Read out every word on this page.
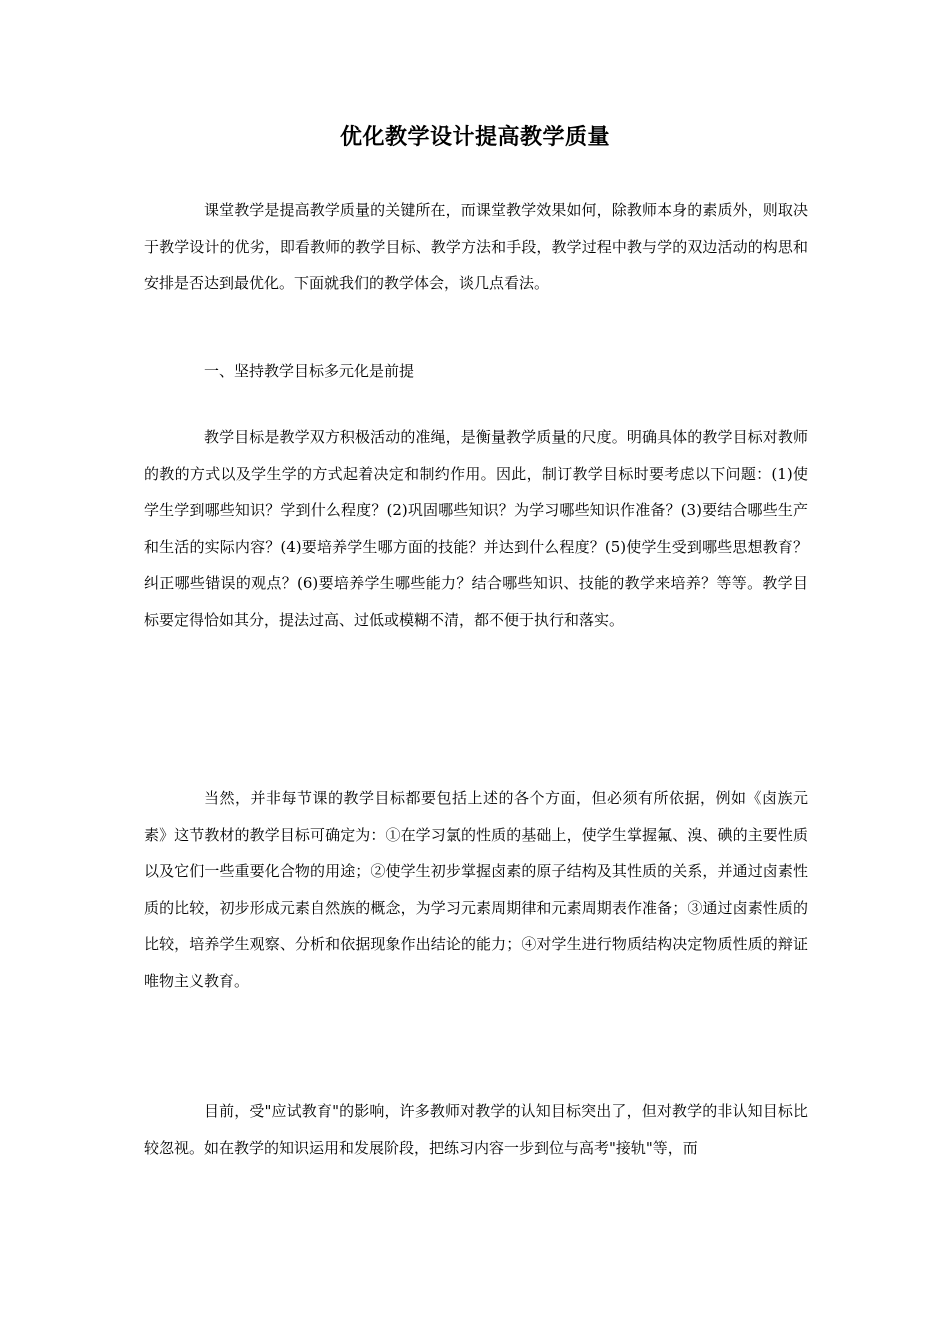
优化教学设计提高教学质量

课堂教学是提高教学质量的关键所在，而课堂教学效果如何，除教师本身的素质外，则取决于教学设计的优劣，即看教师的教学目标、教学方法和手段，教学过程中教与学的双边活动的构思和安排是否达到最优化。下面就我们的教学体会，谈几点看法。

一、坚持教学目标多元化是前提

教学目标是教学双方积极活动的准绳，是衡量教学质量的尺度。明确具体的教学目标对教师的教的方式以及学生学的方式起着决定和制约作用。因此，制订教学目标时要考虑以下问题：(1)使学生学到哪些知识？学到什么程度？(2)巩固哪些知识？为学习哪些知识作准备？(3)要结合哪些生产和生活的实际内容？(4)要培养学生哪方面的技能？并达到什么程度？(5)使学生受到哪些思想教育？纠正哪些错误的观点？(6)要培养学生哪些能力？结合哪些知识、技能的教学来培养？等等。教学目标要定得恰如其分，提法过高、过低或模糊不清，都不便于执行和落实。

当然，并非每节课的教学目标都要包括上述的各个方面，但必须有所依据，例如《卤族元素》这节教材的教学目标可确定为：①在学习氯的性质的基础上，使学生掌握氟、溴、碘的主要性质以及它们一些重要化合物的用途；②使学生初步掌握卤素的原子结构及其性质的关系，并通过卤素性质的比较，初步形成元素自然族的概念，为学习元素周期律和元素周期表作准备；③通过卤素性质的比较，培养学生观察、分析和依据现象作出结论的能力；④对学生进行物质结构决定物质性质的辩证唯物主义教育。

目前，受"应试教育"的影响，许多教师对教学的认知目标突出了，但对教学的非认知目标比较忽视。如在教学的知识运用和发展阶段，把练习内容一步到位与高考"接轨"等，而
